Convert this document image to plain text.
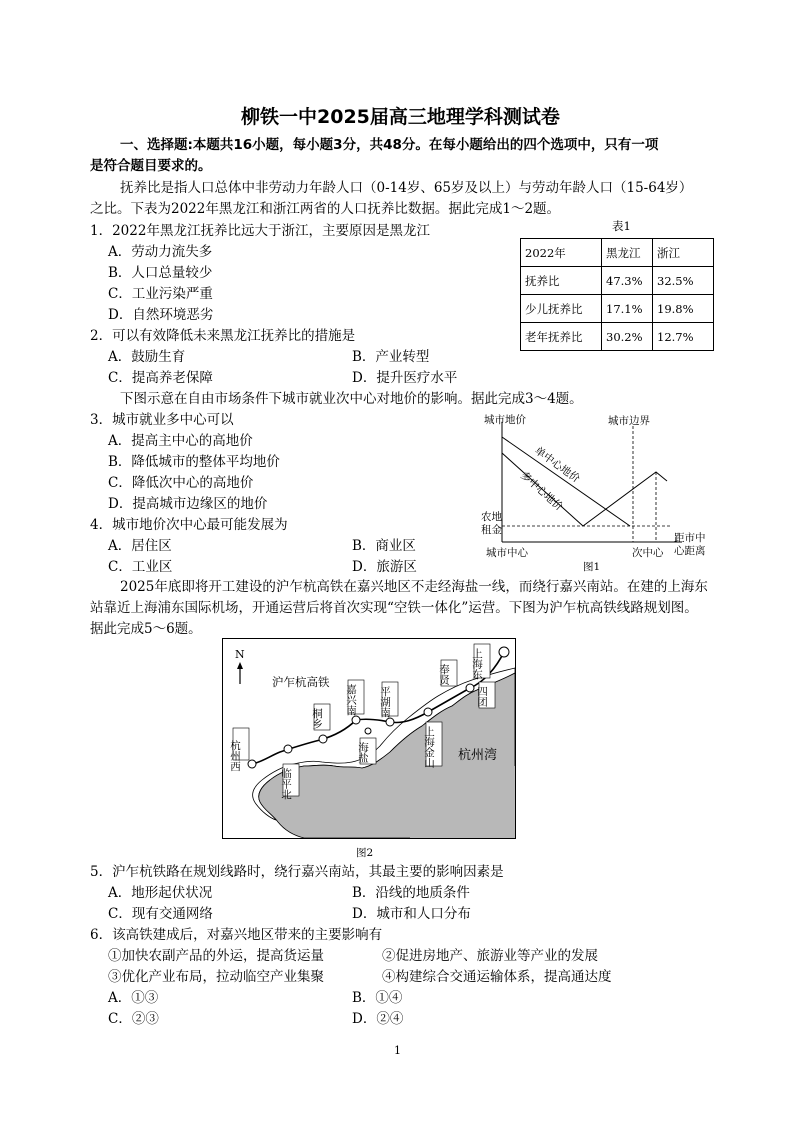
柳铁一中2025届高三地理学科测试卷
一、选择题:本题共16小题，每小题3分，共48分。在每小题给出的四个选项中，只有一项
是符合题目要求的。
抚养比是指人口总体中非劳动力年龄人口（0-14岁、65岁及以上）与劳动年龄人口（15-64岁）
之比。下表为2022年黑龙江和浙江两省的人口抚养比数据。据此完成1～2题。
表1
2022年	黑龙江	浙江
抚养比	47.3%	32.5%
少儿抚养比	17.1%	19.8%
老年抚养比	30.2%	12.7%
1．2022年黑龙江抚养比远大于浙江，主要原因是黑龙江
A．劳动力流失多
B．人口总量较少
C．工业污染严重
D．自然环境恶劣
2．可以有效降低未来黑龙江抚养比的措施是
A．鼓励生育	B．产业转型
C．提高养老保障	D．提升医疗水平
下图示意在自由市场条件下城市就业次中心对地价的影响。据此完成3～4题。
3．城市就业多中心可以
A．提高主中心的高地价
B．降低城市的整体平均地价
C．降低次中心的高地价
D．提高城市边缘区的地价
4．城市地价次中心最可能发展为
A．居住区	B．商业区
C．工业区	D．旅游区
城市地价	城市边界
单中心地价
多中心地价
农地
租金
城市中心	次中心
距市中
心距离
图1
2025年底即将开工建设的沪乍杭高铁在嘉兴地区不走经海盐一线，而绕行嘉兴南站。在建的上海东
站靠近上海浦东国际机场，开通运营后将首次实现“空铁一体化”运营。下图为沪乍杭高铁线路规划图。
据此完成5～6题。
N
沪乍杭高铁
杭州西
临平北
桐乡
嘉兴南
海盐
平湖南
上海金山
奉贤 上海东
四团
杭州湾
图2
5．沪乍杭铁路在规划线路时，绕行嘉兴南站，其最主要的影响因素是
A．地形起伏状况	B．沿线的地质条件
C．现有交通网络	D．城市和人口分布
6．该高铁建成后，对嘉兴地区带来的主要影响有
①加快农副产品的外运，提高货运量	②促进房地产、旅游业等产业的发展
③优化产业布局，拉动临空产业集聚	④构建综合交通运输体系，提高通达度
A．①③	B．①④
C．②③	D．②④
1
